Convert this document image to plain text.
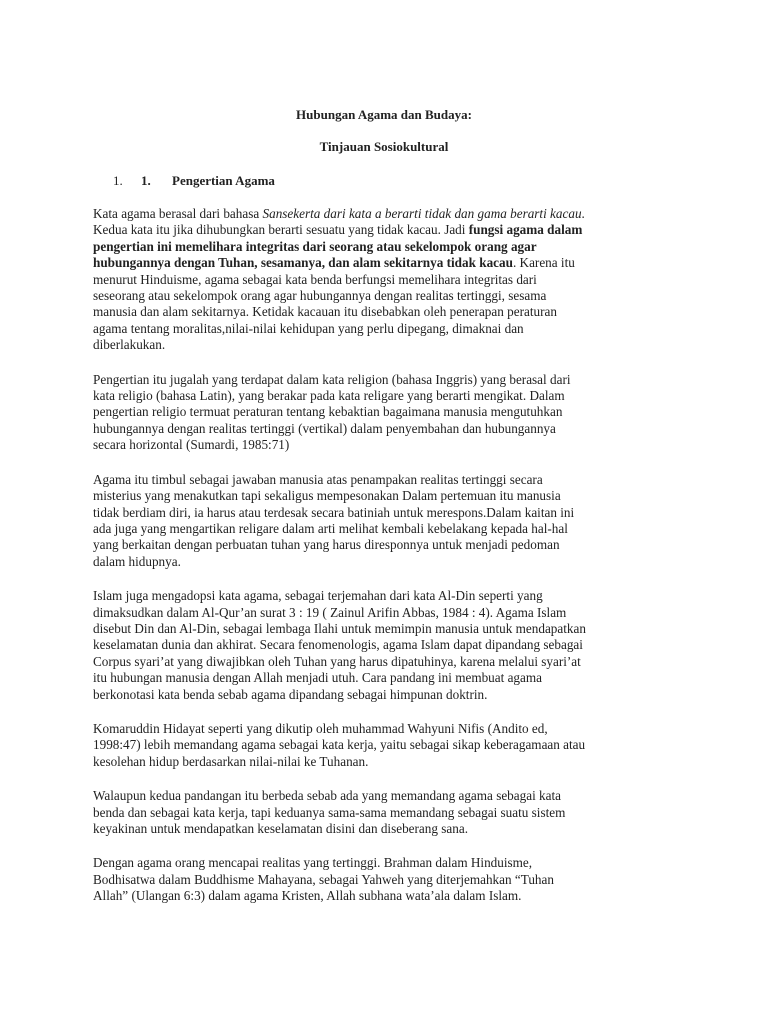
Hubungan Agama dan Budaya:
Tinjauan Sosiokultural
1. 1. Pengertian Agama
Kata agama berasal dari bahasa Sansekerta dari kata a berarti tidak dan gama berarti kacau.
Kedua kata itu jika dihubungkan berarti sesuatu yang tidak kacau. Jadi fungsi agama dalam
pengertian ini memelihara integritas dari seorang atau sekelompok orang agar
hubungannya dengan Tuhan, sesamanya, dan alam sekitarnya tidak kacau. Karena itu
menurut Hinduisme, agama sebagai kata benda berfungsi memelihara integritas dari
seseorang atau sekelompok orang agar hubungannya dengan realitas tertinggi, sesama
manusia dan alam sekitarnya. Ketidak kacauan itu disebabkan oleh penerapan peraturan
agama tentang moralitas,nilai-nilai kehidupan yang perlu dipegang, dimaknai dan
diberlakukan.
Pengertian itu jugalah yang terdapat dalam kata religion (bahasa Inggris) yang berasal dari
kata religio (bahasa Latin), yang berakar pada kata religare yang berarti mengikat. Dalam
pengertian religio termuat peraturan tentang kebaktian bagaimana manusia mengutuhkan
hubungannya dengan realitas tertinggi (vertikal) dalam penyembahan dan hubungannya
secara horizontal (Sumardi, 1985:71)
Agama itu timbul sebagai jawaban manusia atas penampakan realitas tertinggi secara
misterius yang menakutkan tapi sekaligus mempesonakan Dalam pertemuan itu manusia
tidak berdiam diri, ia harus atau terdesak secara batiniah untuk merespons.Dalam kaitan ini
ada juga yang mengartikan religare dalam arti melihat kembali kebelakang kepada hal-hal
yang berkaitan dengan perbuatan tuhan yang harus diresponnya untuk menjadi pedoman
dalam hidupnya.
Islam juga mengadopsi kata agama, sebagai terjemahan dari kata Al-Din seperti yang
dimaksudkan dalam Al-Qur’an surat 3 : 19 ( Zainul Arifin Abbas, 1984 : 4). Agama Islam
disebut Din dan Al-Din, sebagai lembaga Ilahi untuk memimpin manusia untuk mendapatkan
keselamatan dunia dan akhirat. Secara fenomenologis, agama Islam dapat dipandang sebagai
Corpus syari’at yang diwajibkan oleh Tuhan yang harus dipatuhinya, karena melalui syari’at
itu hubungan manusia dengan Allah menjadi utuh. Cara pandang ini membuat agama
berkonotasi kata benda sebab agama dipandang sebagai himpunan doktrin.
Komaruddin Hidayat seperti yang dikutip oleh muhammad Wahyuni Nifis (Andito ed,
1998:47) lebih memandang agama sebagai kata kerja, yaitu sebagai sikap keberagamaan atau
kesolehan hidup berdasarkan nilai-nilai ke Tuhanan.
Walaupun kedua pandangan itu berbeda sebab ada yang memandang agama sebagai kata
benda dan sebagai kata kerja, tapi keduanya sama-sama memandang sebagai suatu sistem
keyakinan untuk mendapatkan keselamatan disini dan diseberang sana.
Dengan agama orang mencapai realitas yang tertinggi. Brahman dalam Hinduisme,
Bodhisatwa dalam Buddhisme Mahayana, sebagai Yahweh yang diterjemahkan “Tuhan
Allah” (Ulangan 6:3) dalam agama Kristen, Allah subhana wata’ala dalam Islam.
